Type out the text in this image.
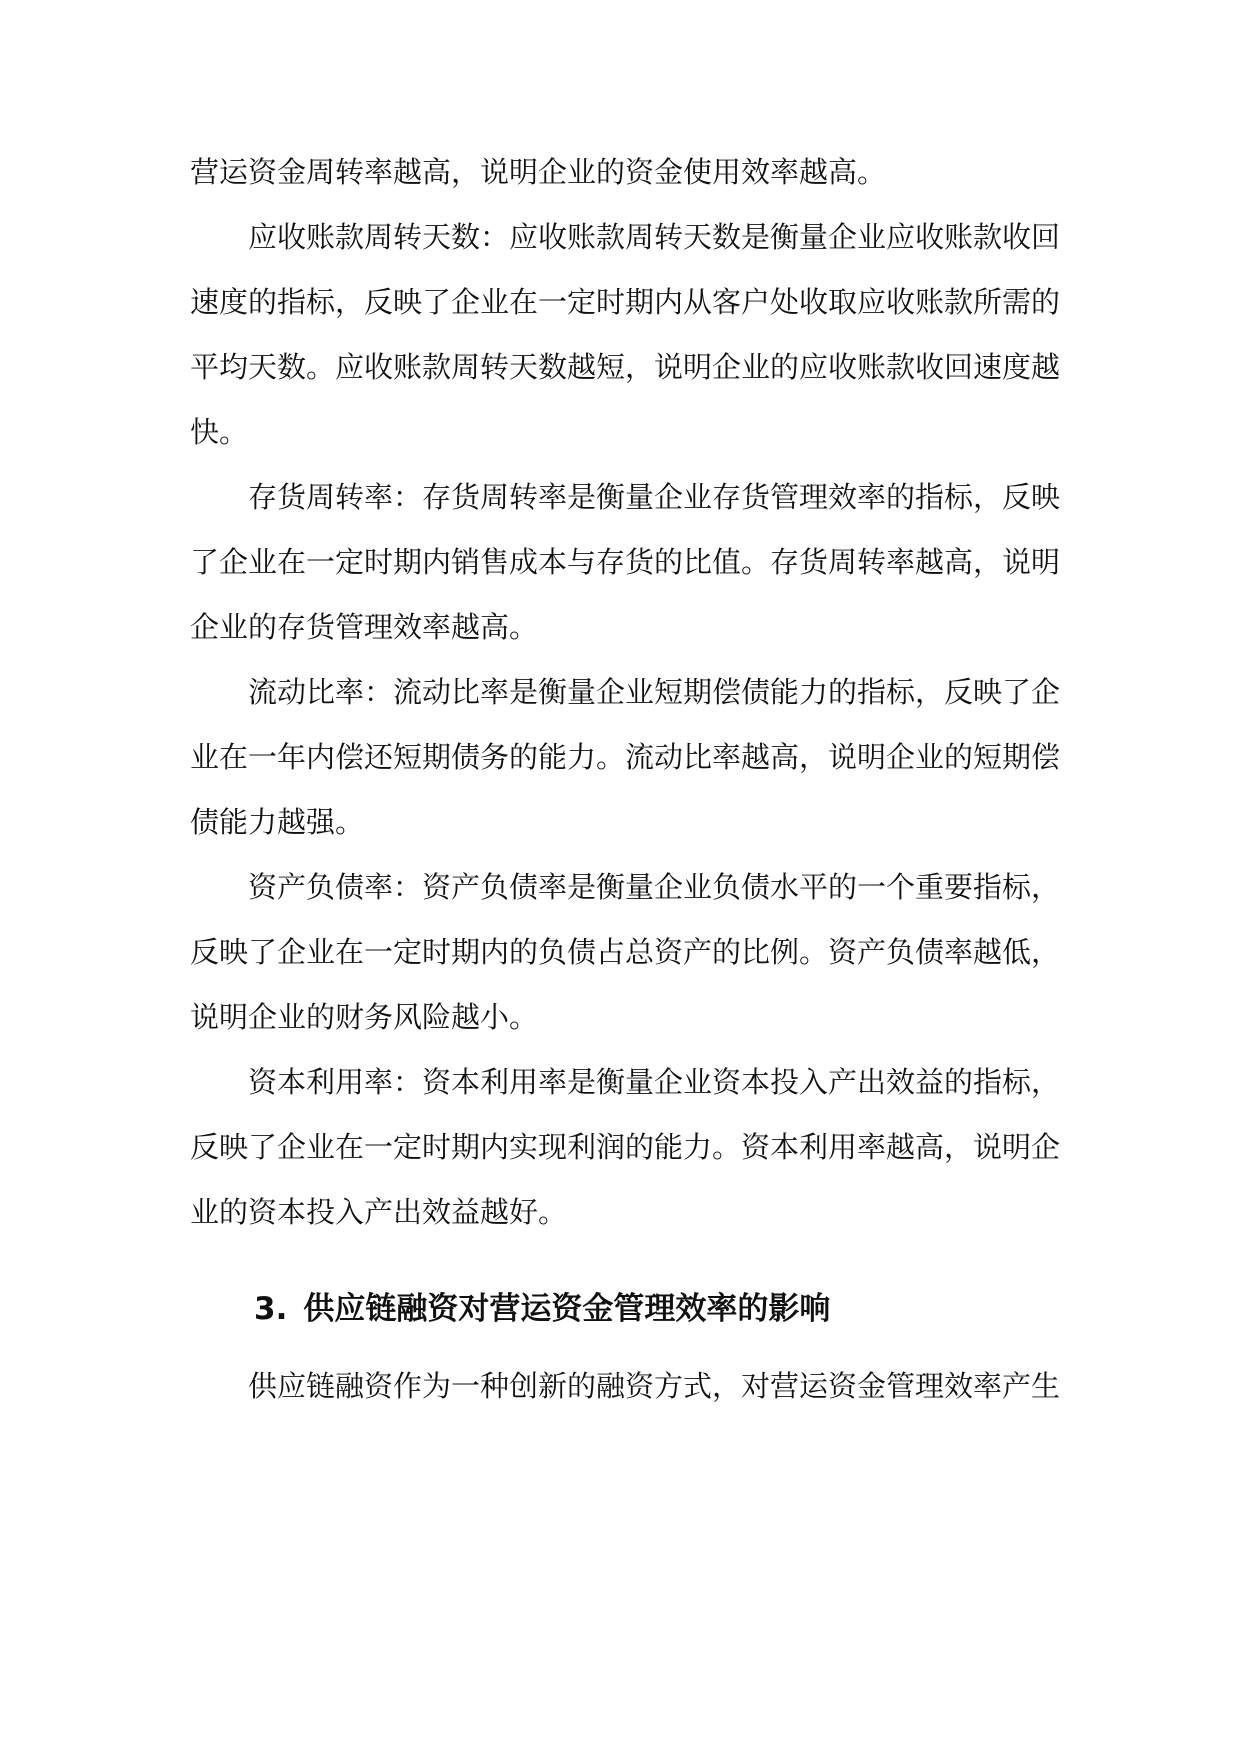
营运资金周转率越高，说明企业的资金使用效率越高。

应收账款周转天数：应收账款周转天数是衡量企业应收账款收回速度的指标，反映了企业在一定时期内从客户处收取应收账款所需的平均天数。应收账款周转天数越短，说明企业的应收账款收回速度越快。

存货周转率：存货周转率是衡量企业存货管理效率的指标，反映了企业在一定时期内销售成本与存货的比值。存货周转率越高，说明企业的存货管理效率越高。

流动比率：流动比率是衡量企业短期偿债能力的指标，反映了企业在一年内偿还短期债务的能力。流动比率越高，说明企业的短期偿债能力越强。

资产负债率：资产负债率是衡量企业负债水平的一个重要指标，反映了企业在一定时期内的负债占总资产的比例。资产负债率越低，说明企业的财务风险越小。

资本利用率：资本利用率是衡量企业资本投入产出效益的指标，反映了企业在一定时期内实现利润的能力。资本利用率越高，说明企业的资本投入产出效益越好。

3. 供应链融资对营运资金管理效率的影响

供应链融资作为一种创新的融资方式，对营运资金管理效率产生
